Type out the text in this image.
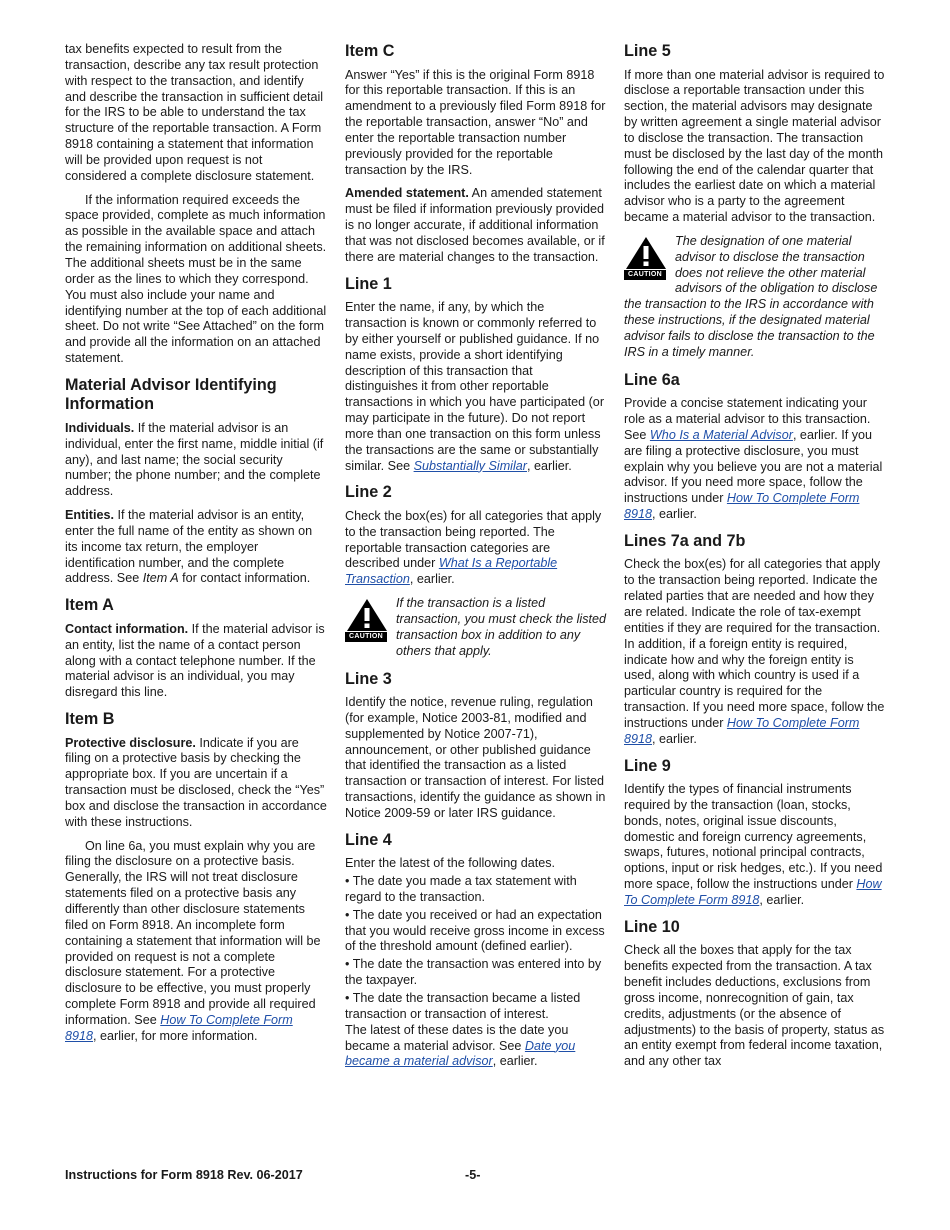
tax benefits expected to result from the transaction, describe any tax result protection with respect to the transaction, and identify and describe the transaction in sufficient detail for the IRS to be able to understand the tax structure of the reportable transaction. A Form 8918 containing a statement that information will be provided upon request is not considered a complete disclosure statement.

If the information required exceeds the space provided, complete as much information as possible in the available space and attach the remaining information on additional sheets. The additional sheets must be in the same order as the lines to which they correspond. You must also include your name and identifying number at the top of each additional sheet. Do not write “See Attached” on the form and provide all the information on an attached statement.

Material Advisor Identifying Information

Individuals. If the material advisor is an individual, enter the first name, middle initial (if any), and last name; the social security number; the phone number; and the complete address.

Entities. If the material advisor is an entity, enter the full name of the entity as shown on its income tax return, the employer identification number, and the complete address. See Item A for contact information.

Item A

Contact information. If the material advisor is an entity, list the name of a contact person along with a contact telephone number. If the material advisor is an individual, you may disregard this line.

Item B

Protective disclosure. Indicate if you are filing on a protective basis by checking the appropriate box. If you are uncertain if a transaction must be disclosed, check the “Yes” box and disclose the transaction in accordance with these instructions.

On line 6a, you must explain why you are filing the disclosure on a protective basis. Generally, the IRS will not treat disclosure statements filed on a protective basis any differently than other disclosure statements filed on Form 8918. An incomplete form containing a statement that information will be provided on request is not a complete disclosure statement. For a protective disclosure to be effective, you must properly complete Form 8918 and provide all required information. See How To Complete Form 8918, earlier, for more information.

Item C

Answer “Yes” if this is the original Form 8918 for this reportable transaction. If this is an amendment to a previously filed Form 8918 for the reportable transaction, answer “No” and enter the reportable transaction number previously provided for the reportable transaction by the IRS.

Amended statement. An amended statement must be filed if information previously provided is no longer accurate, if additional information that was not disclosed becomes available, or if there are material changes to the transaction.

Line 1

Enter the name, if any, by which the transaction is known or commonly referred to by either yourself or published guidance. If no name exists, provide a short identifying description of this transaction that distinguishes it from other reportable transactions in which you have participated (or may participate in the future). Do not report more than one transaction on this form unless the transactions are the same or substantially similar. See Substantially Similar, earlier.

Line 2

Check the box(es) for all categories that apply to the transaction being reported. The reportable transaction categories are described under What Is a Reportable Transaction, earlier.

CAUTION
If the transaction is a listed transaction, you must check the listed transaction box in addition to any others that apply.
Line 3

Identify the notice, revenue ruling, regulation (for example, Notice 2003-81, modified and supplemented by Notice 2007-71), announcement, or other published guidance that identified the transaction as a listed transaction or transaction of interest. For listed transactions, identify the guidance as shown in Notice 2009-59 or later IRS guidance.

Line 4

Enter the latest of the following dates.

• The date you made a tax statement with regard to the transaction.
• The date you received or had an expectation that you would receive gross income in excess of the threshold amount (defined earlier).
• The date the transaction was entered into by the taxpayer.
• The date the transaction became a listed transaction or transaction of interest.

The latest of these dates is the date you became a material advisor. See Date you became a material advisor, earlier.

Line 5

If more than one material advisor is required to disclose a reportable transaction under this section, the material advisors may designate by written agreement a single material advisor to disclose the transaction. The transaction must be disclosed by the last day of the month following the end of the calendar quarter that includes the earliest date on which a material advisor who is a party to the agreement became a material advisor to the transaction.

CAUTION
The designation of one material advisor to disclose the transaction does not relieve the other material advisors of the obligation to disclose the transaction to the IRS in accordance with these instructions, if the designated material advisor fails to disclose the transaction to the IRS in a timely manner.
Line 6a

Provide a concise statement indicating your role as a material advisor to this transaction. See Who Is a Material Advisor, earlier. If you are filing a protective disclosure, you must explain why you believe you are not a material advisor. If you need more space, follow the instructions under How To Complete Form 8918, earlier.

Lines 7a and 7b

Check the box(es) for all categories that apply to the transaction being reported. Indicate the related parties that are needed and how they are related. Indicate the role of tax-exempt entities if they are required for the transaction. In addition, if a foreign entity is required, indicate how and why the foreign entity is used, along with which country is used if a particular country is required for the transaction. If you need more space, follow the instructions under How To Complete Form 8918, earlier.

Line 9

Identify the types of financial instruments required by the transaction (loan, stocks, bonds, notes, original issue discounts, domestic and foreign currency agreements, swaps, futures, notional principal contracts, options, input or risk hedges, etc.). If you need more space, follow the instructions under How To Complete Form 8918, earlier.

Line 10

Check all the boxes that apply for the tax benefits expected from the transaction. A tax benefit includes deductions, exclusions from gross income, nonrecognition of gain, tax credits, adjustments (or the absence of adjustments) to the basis of property, status as an entity exempt from federal income taxation, and any other tax

Instructions for Form 8918 Rev. 06-2017	-5-
